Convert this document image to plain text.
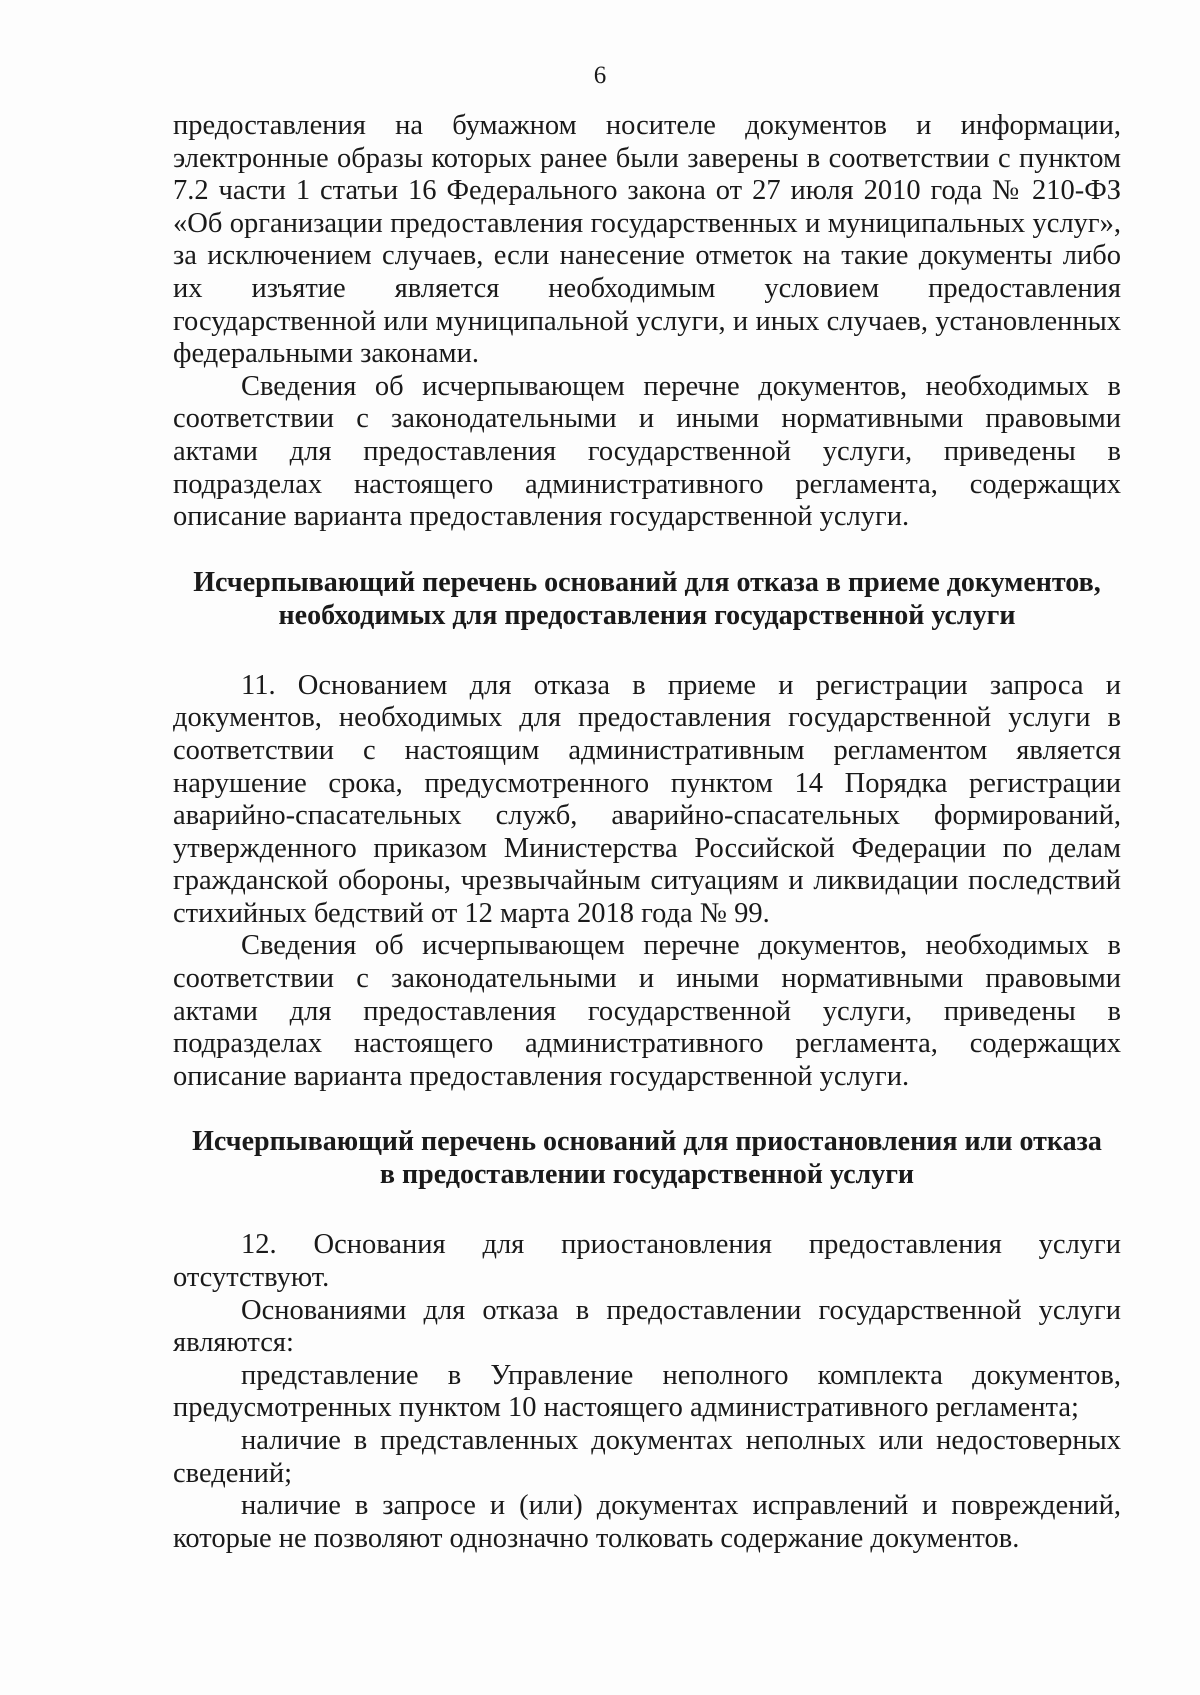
6

предоставления на бумажном носителе документов и информации, электронные образы которых ранее были заверены в соответствии с пунктом 7.2 части 1 статьи 16 Федерального закона от 27 июля 2010 года № 210-ФЗ «Об организации предоставления государственных и муниципальных услуг», за исключением случаев, если нанесение отметок на такие документы либо их изъятие является необходимым условием предоставления государственной или муниципальной услуги, и иных случаев, установленных федеральными законами.

Сведения об исчерпывающем перечне документов, необходимых в соответствии с законодательными и иными нормативными правовыми актами для предоставления государственной услуги, приведены в подразделах настоящего административного регламента, содержащих описание варианта предоставления государственной услуги.

Исчерпывающий перечень оснований для отказа в приеме документов,

необходимых для предоставления государственной услуги

11. Основанием для отказа в приеме и регистрации запроса и документов, необходимых для предоставления государственной услуги в соответствии с настоящим административным регламентом является нарушение срока, предусмотренного пунктом 14 Порядка регистрации аварийно-спасательных служб, аварийно-спасательных формирований, утвержденного приказом Министерства Российской Федерации по делам гражданской обороны, чрезвычайным ситуациям и ликвидации последствий стихийных бедствий от 12 марта 2018 года № 99.

Сведения об исчерпывающем перечне документов, необходимых в соответствии с законодательными и иными нормативными правовыми актами для предоставления государственной услуги, приведены в подразделах настоящего административного регламента, содержащих описание варианта предоставления государственной услуги.

Исчерпывающий перечень оснований для приостановления или отказа

в предоставлении государственной услуги

12. Основания для приостановления предоставления услуги отсутствуют.

Основаниями для отказа в предоставлении государственной услуги являются:

представление в Управление неполного комплекта документов, предусмотренных пунктом 10 настоящего административного регламента;

наличие в представленных документах неполных или недостоверных сведений;

наличие в запросе и (или) документах исправлений и повреждений, которые не позволяют однозначно толковать содержание документов.
